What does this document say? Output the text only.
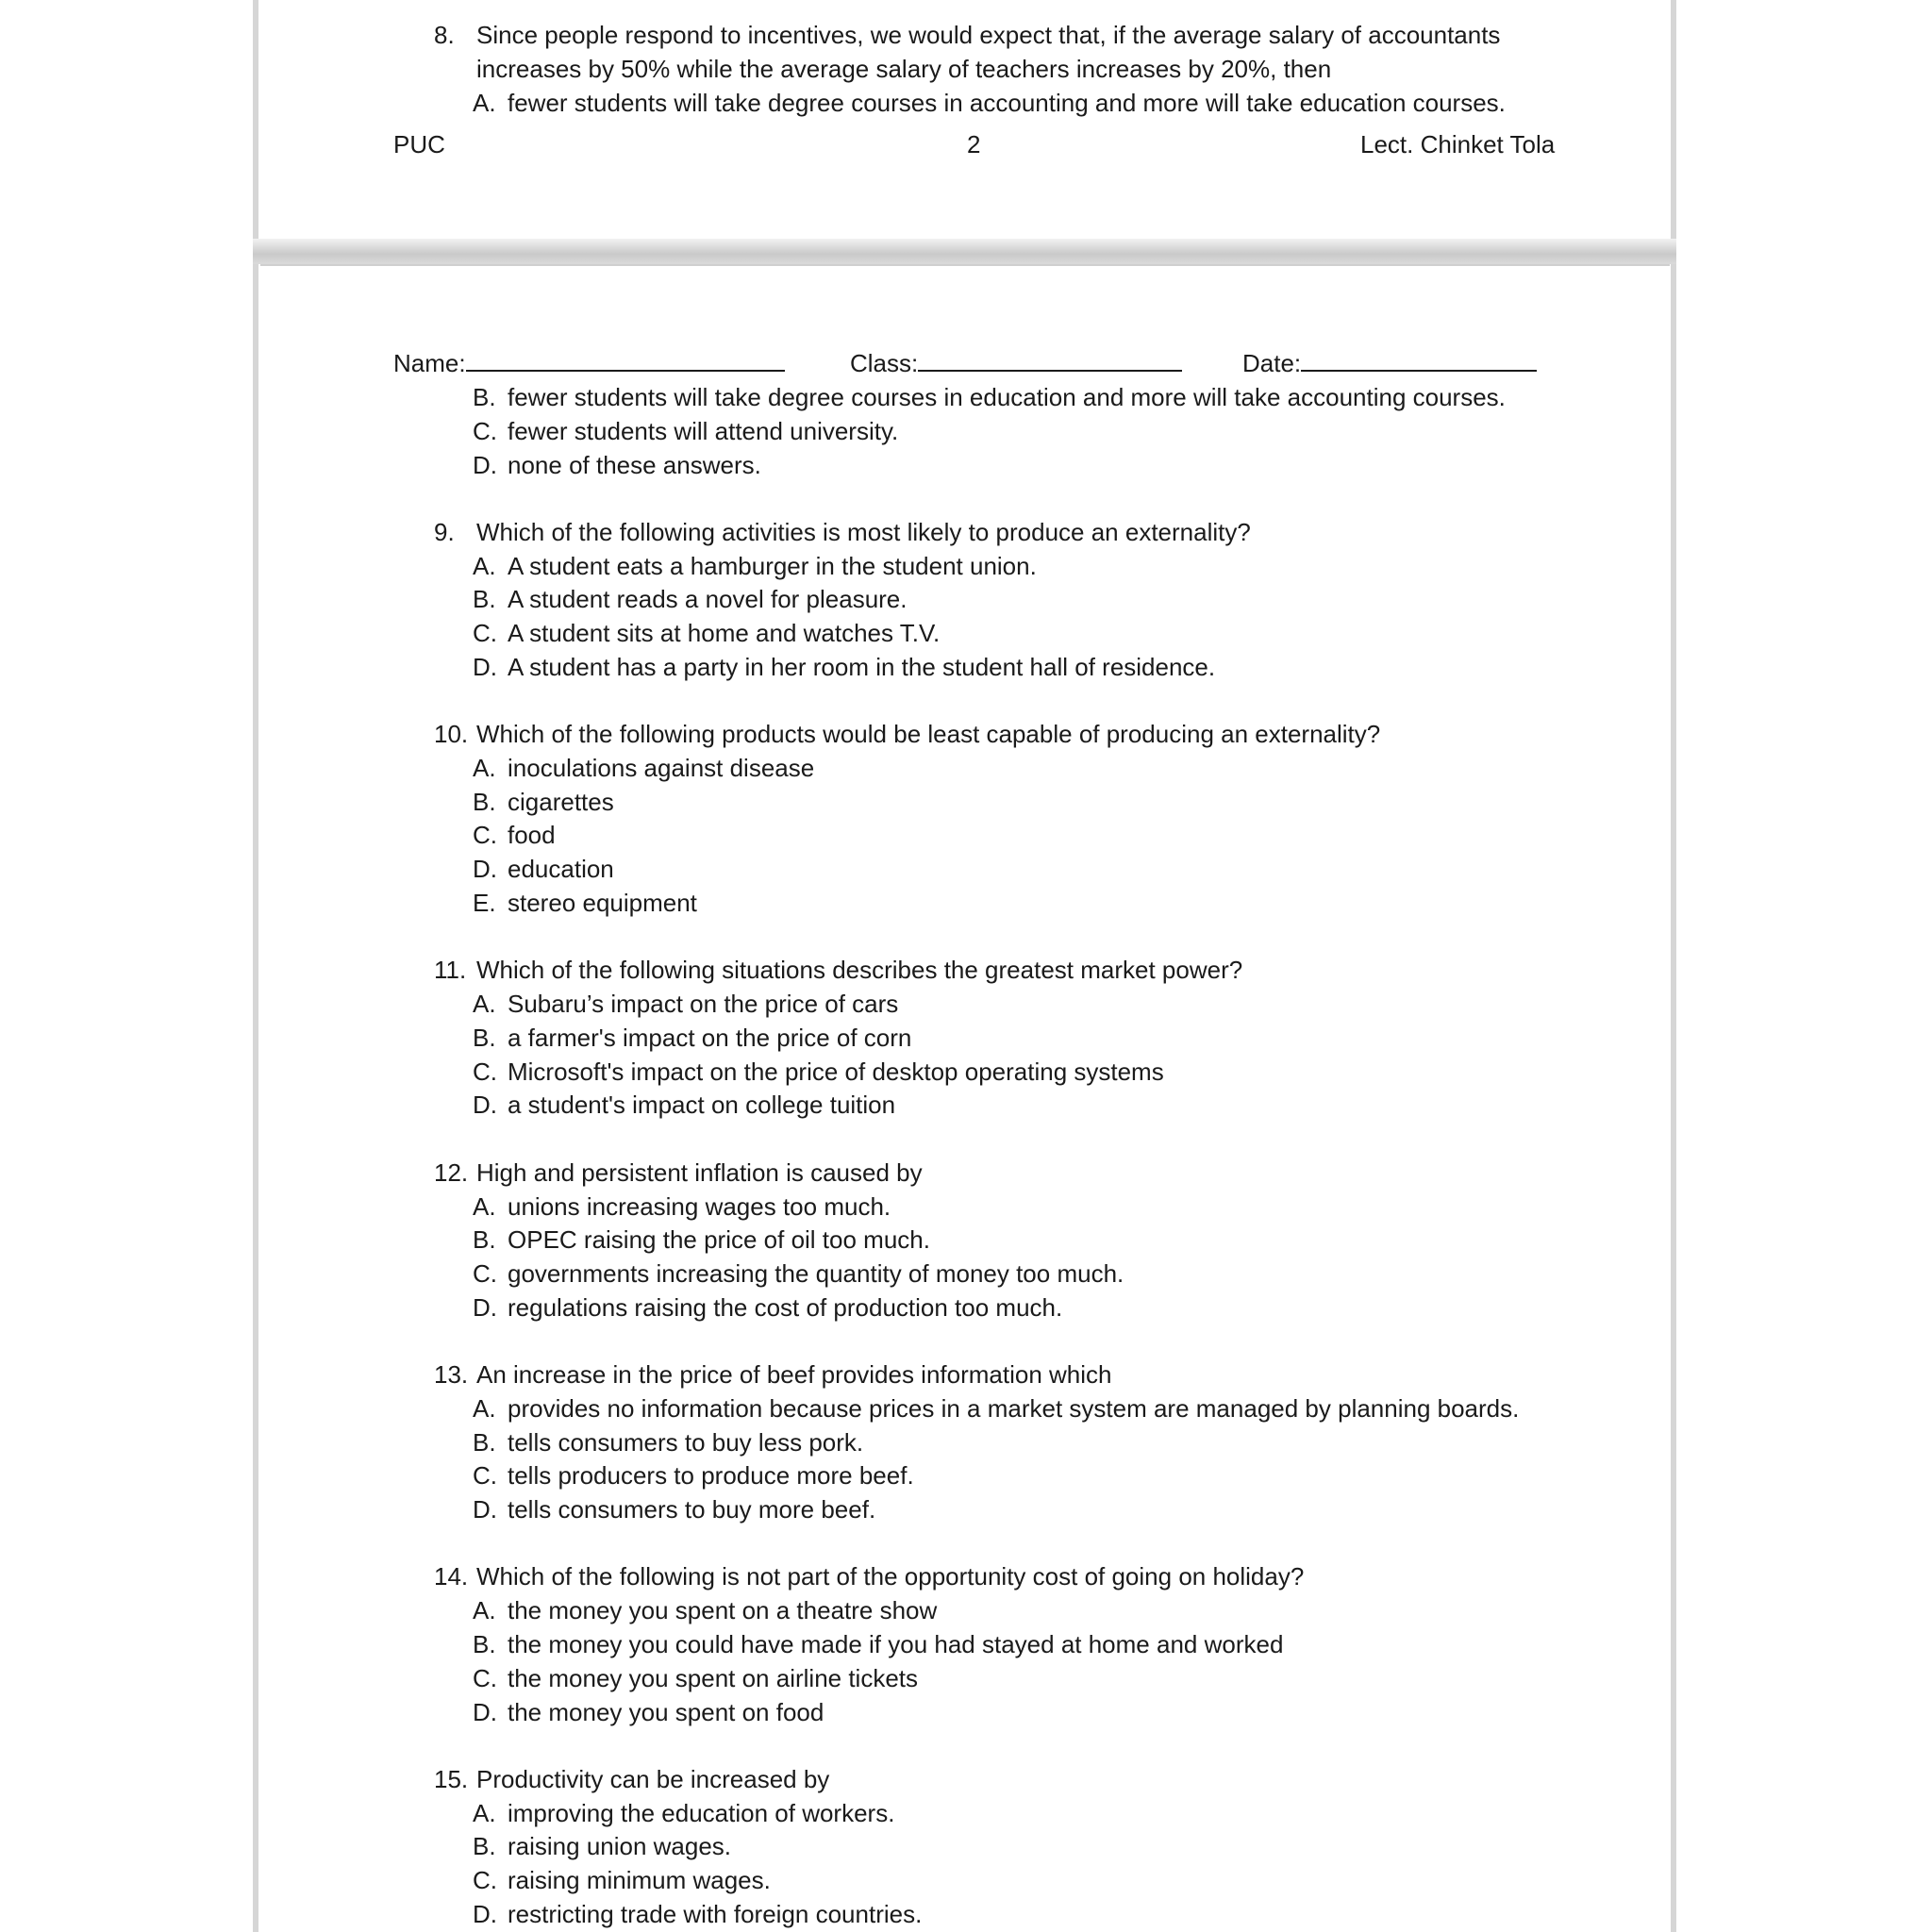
8. Since people respond to incentives, we would expect that, if the average salary of accountants
increases by 50% while the average salary of teachers increases by 20%, then
A. fewer students will take degree courses in accounting and more will take education courses.
PUC	2	Lect. Chinket Tola
Name:	Class:	Date:
B. fewer students will take degree courses in education and more will take accounting courses.
C. fewer students will attend university.
D. none of these answers.
9. Which of the following activities is most likely to produce an externality?
A. A student eats a hamburger in the student union.
B. A student reads a novel for pleasure.
C. A student sits at home and watches T.V.
D. A student has a party in her room in the student hall of residence.
10. Which of the following products would be least capable of producing an externality?
A. inoculations against disease
B. cigarettes
C. food
D. education
E. stereo equipment
11. Which of the following situations describes the greatest market power?
A. Subaru’s impact on the price of cars
B. a farmer's impact on the price of corn
C. Microsoft's impact on the price of desktop operating systems
D. a student's impact on college tuition
12. High and persistent inflation is caused by
A. unions increasing wages too much.
B. OPEC raising the price of oil too much.
C. governments increasing the quantity of money too much.
D. regulations raising the cost of production too much.
13. An increase in the price of beef provides information which
A. provides no information because prices in a market system are managed by planning boards.
B. tells consumers to buy less pork.
C. tells producers to produce more beef.
D. tells consumers to buy more beef.
14. Which of the following is not part of the opportunity cost of going on holiday?
A. the money you spent on a theatre show
B. the money you could have made if you had stayed at home and worked
C. the money you spent on airline tickets
D. the money you spent on food
15. Productivity can be increased by
A. improving the education of workers.
B. raising union wages.
C. raising minimum wages.
D. restricting trade with foreign countries.
